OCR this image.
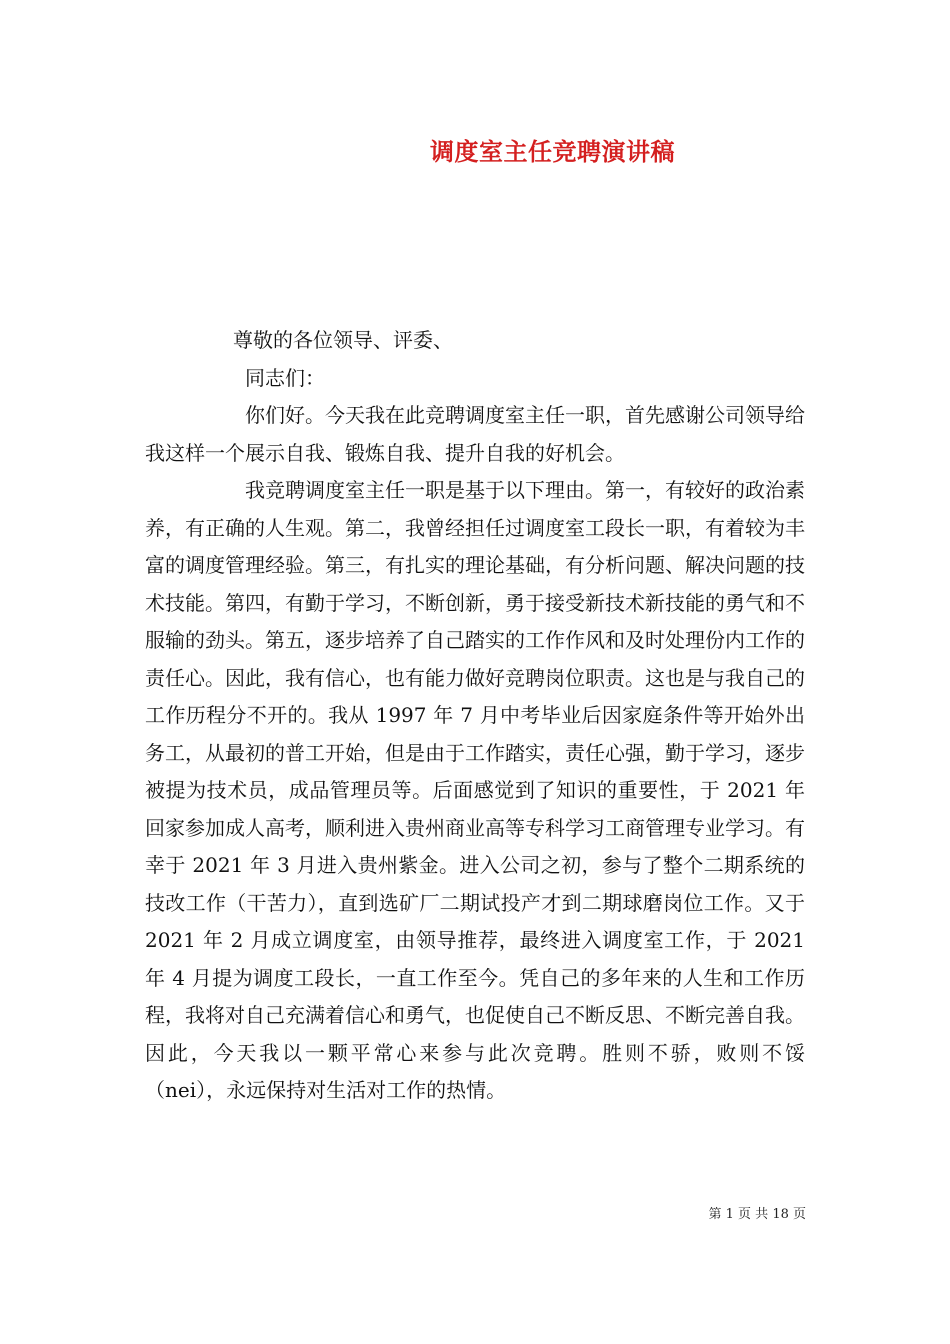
调度室主任竞聘演讲稿

尊敬的各位领导、评委、

同志们：

你们好。今天我在此竞聘调度室主任一职，首先感谢公司领导给我这样一个展示自我、锻炼自我、提升自我的好机会。

我竞聘调度室主任一职是基于以下理由。第一，有较好的政治素养，有正确的人生观。第二，我曾经担任过调度室工段长一职，有着较为丰富的调度管理经验。第三，有扎实的理论基础，有分析问题、解决问题的技术技能。第四，有勤于学习，不断创新，勇于接受新技术新技能的勇气和不服输的劲头。第五，逐步培养了自己踏实的工作作风和及时处理份内工作的责任心。因此，我有信心，也有能力做好竞聘岗位职责。这也是与我自己的工作历程分不开的。我从 1997 年 7 月中考毕业后因家庭条件等开始外出务工，从最初的普工开始，但是由于工作踏实，责任心强，勤于学习，逐步被提为技术员，成品管理员等。后面感觉到了知识的重要性，于 2021 年回家参加成人高考，顺利进入贵州商业高等专科学习工商管理专业学习。有幸于 2021 年 3 月进入贵州紫金。进入公司之初，参与了整个二期系统的技改工作（干苦力），直到选矿厂二期试投产才到二期球磨岗位工作。又于 2021 年 2 月成立调度室，由领导推荐，最终进入调度室工作，于 2021 年 4 月提为调度工段长，一直工作至今。凭自己的多年来的人生和工作历程，我将对自己充满着信心和勇气，也促使自己不断反思、不断完善自我。因此，今天我以一颗平常心来参与此次竞聘。胜则不骄，败则不馁（nei），永远保持对生活对工作的热情。

第 1 页 共 18 页
